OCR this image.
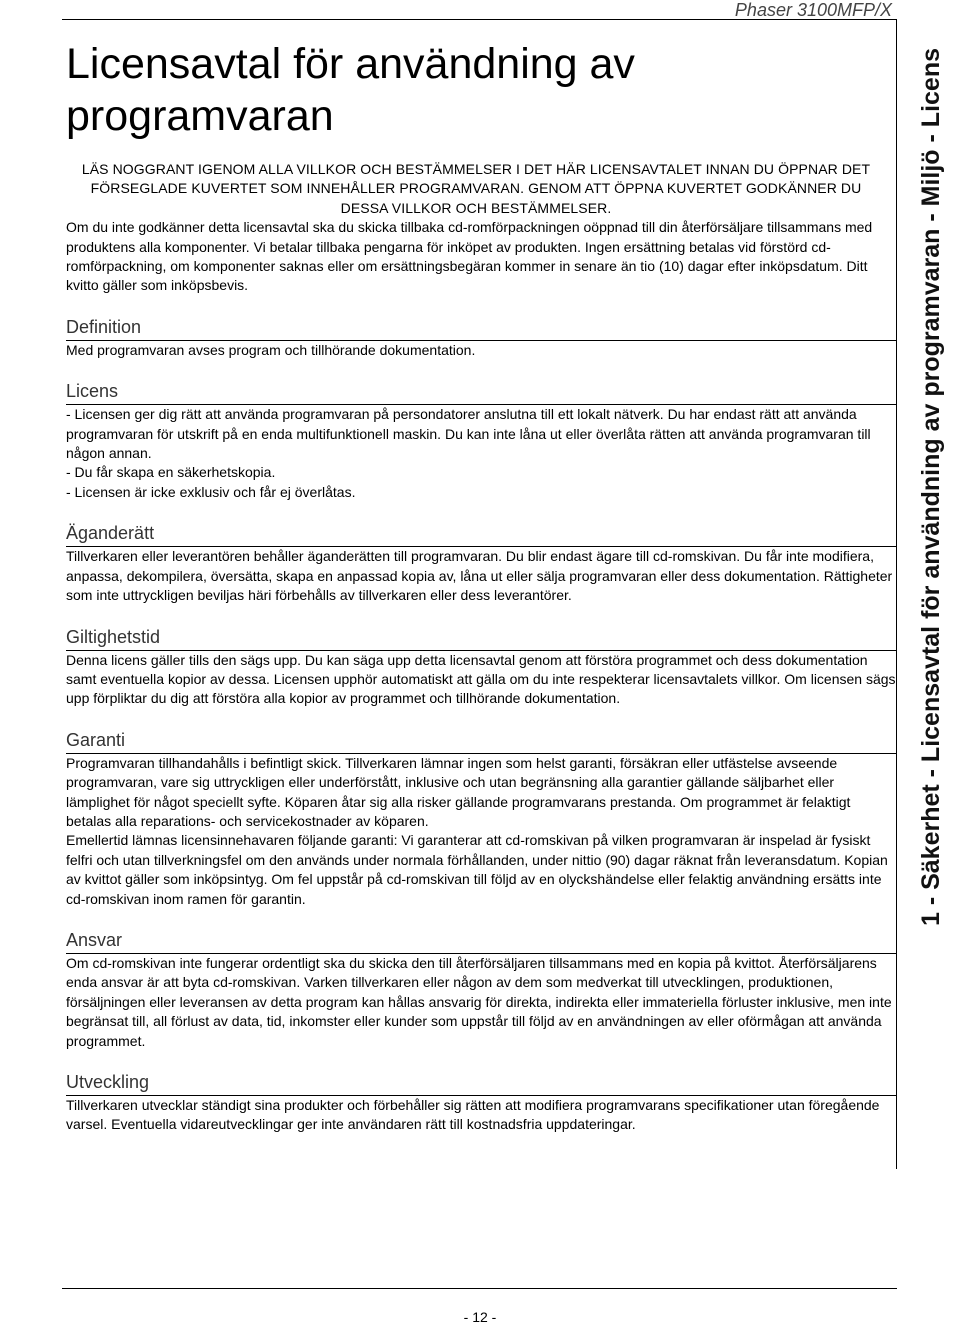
Phaser 3100MFP/X
1 - Säkerhet - Licensavtal för användning av programvaran - Miljö - Licens
Licensavtal för användning av programvaran

LÄS NOGGRANT IGENOM ALLA VILLKOR OCH BESTÄMMELSER I DET HÄR LICENSAVTALET INNAN DU ÖPPNAR DET FÖRSEGLADE KUVERTET SOM INNEHÅLLER PROGRAMVARAN. GENOM ATT ÖPPNA KUVERTET GODKÄNNER DU DESSA VILLKOR OCH BESTÄMMELSER.

Om du inte godkänner detta licensavtal ska du skicka tillbaka cd-romförpackningen oöppnad till din återförsäljare tillsammans med produktens alla komponenter. Vi betalar tillbaka pengarna för inköpet av produkten. Ingen ersättning betalas vid förstörd cd-romförpackning, om komponenter saknas eller om ersättningsbegäran kommer in senare än tio (10) dagar efter inköpsdatum. Ditt kvitto gäller som inköpsbevis.

Definition

Med programvaran avses program och tillhörande dokumentation.

Licens

- Licensen ger dig rätt att använda programvaran på persondatorer anslutna till ett lokalt nätverk. Du har endast rätt att använda programvaran för utskrift på en enda multifunktionell maskin. Du kan inte låna ut eller överlåta rätten att använda programvaran till någon annan.

- Du får skapa en säkerhetskopia.

- Licensen är icke exklusiv och får ej överlåtas.

Äganderätt

Tillverkaren eller leverantören behåller äganderätten till programvaran. Du blir endast ägare till cd-romskivan. Du får inte modifiera, anpassa, dekompilera, översätta, skapa en anpassad kopia av, låna ut eller sälja programvaran eller dess dokumentation. Rättigheter som inte uttryckligen beviljas häri förbehålls av tillverkaren eller dess leverantörer.

Giltighetstid

Denna licens gäller tills den sägs upp. Du kan säga upp detta licensavtal genom att förstöra programmet och dess dokumentation samt eventuella kopior av dessa. Licensen upphör automatiskt att gälla om du inte respekterar licensavtalets villkor. Om licensen sägs upp förpliktar du dig att förstöra alla kopior av programmet och tillhörande dokumentation.

Garanti

Programvaran tillhandahålls i befintligt skick. Tillverkaren lämnar ingen som helst garanti, försäkran eller utfästelse avseende programvaran, vare sig uttryckligen eller underförstått, inklusive och utan begränsning alla garantier gällande säljbarhet eller lämplighet för något speciellt syfte. Köparen åtar sig alla risker gällande programvarans prestanda. Om programmet är felaktigt betalas alla reparations- och servicekostnader av köparen.

Emellertid lämnas licensinnehavaren följande garanti: Vi garanterar att cd-romskivan på vilken programvaran är inspelad är fysiskt felfri och utan tillverkningsfel om den används under normala förhållanden, under nittio (90) dagar räknat från leveransdatum. Kopian av kvittot gäller som inköpsintyg. Om fel uppstår på cd-romskivan till följd av en olyckshändelse eller felaktig användning ersätts inte cd-romskivan inom ramen för garantin.

Ansvar

Om cd-romskivan inte fungerar ordentligt ska du skicka den till återförsäljaren tillsammans med en kopia på kvittot. Återförsäljarens enda ansvar är att byta cd-romskivan. Varken tillverkaren eller någon av dem som medverkat till utvecklingen, produktionen, försäljningen eller leveransen av detta program kan hållas ansvarig för direkta, indirekta eller immateriella förluster inklusive, men inte begränsat till, all förlust av data, tid, inkomster eller kunder som uppstår till följd av en användningen av eller oförmågan att använda programmet.

Utveckling

Tillverkaren utvecklar ständigt sina produkter och förbehåller sig rätten att modifiera programvarans specifikationer utan föregående varsel. Eventuella vidareutvecklingar ger inte användaren rätt till kostnadsfria uppdateringar.

- 12 -
